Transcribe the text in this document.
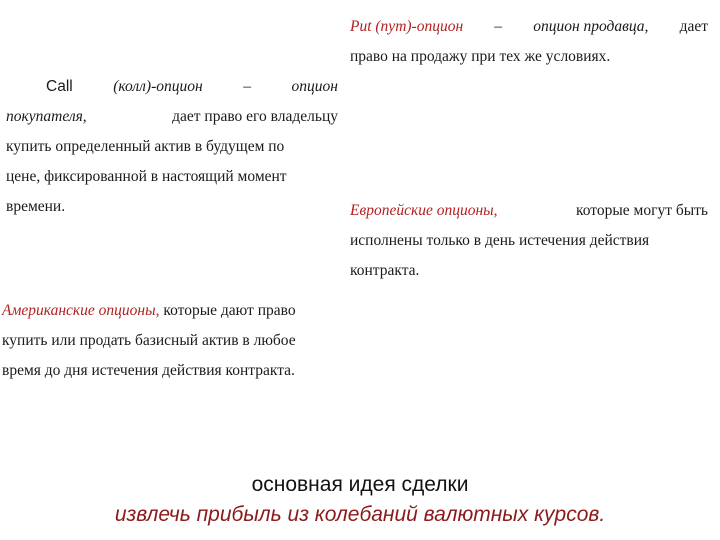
Put (пут)-опцион – опцион продавца, дает
право на продажу при тех же условиях.
Call	(колл)-опцион	–	опцион
покупателя,	дает право его владельцу
купить определенный актив в будущем по
цене, фиксированной в настоящий момент
времени.	Европейские опционы,	которые могут быть
исполнены только в день истечения действия
контракта.
Американские опционы, которые дают право
купить или продать базисный актив в любое
время до дня истечения действия контракта.
основная идея сделки
извлечь прибыль из колебаний валютных курсов.
